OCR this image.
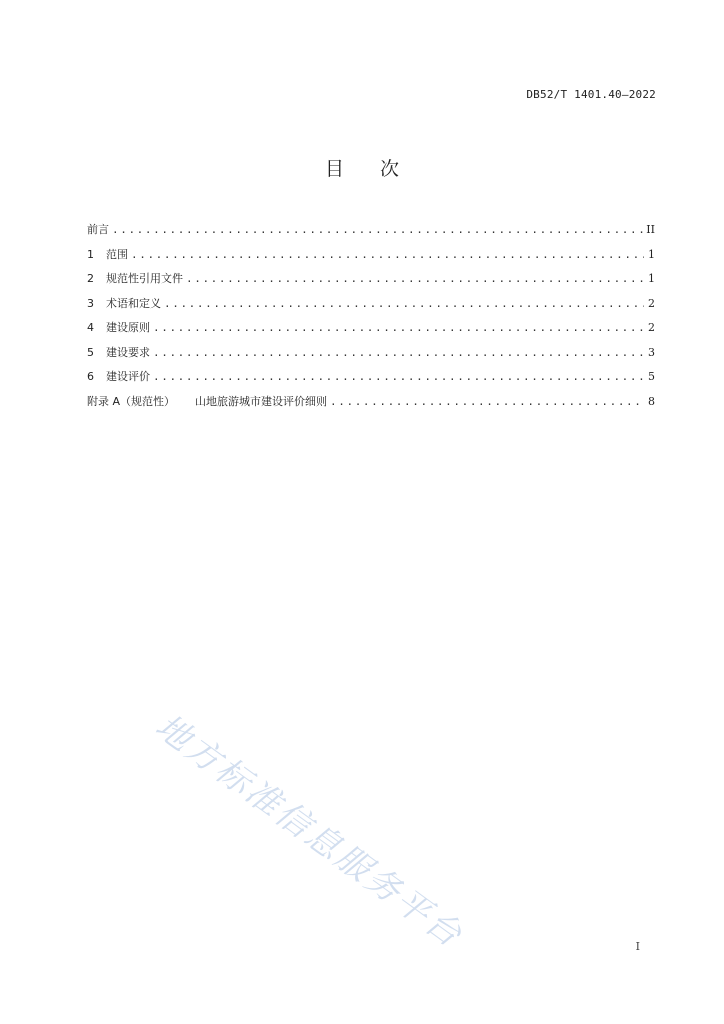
DB52/T 1401.40—2022
目 次
前言 .....	II
1	范围 .....	1
2	规范性引用文件 .....	1
3	术语和定义 .....	2
4	建设原则 .....	2
5	建设要求 .....	3
6	建设评价 .....	5
附录 A（规范性） 山地旅游城市建设评价细则 .....	8
地方标准信息服务平台	I
